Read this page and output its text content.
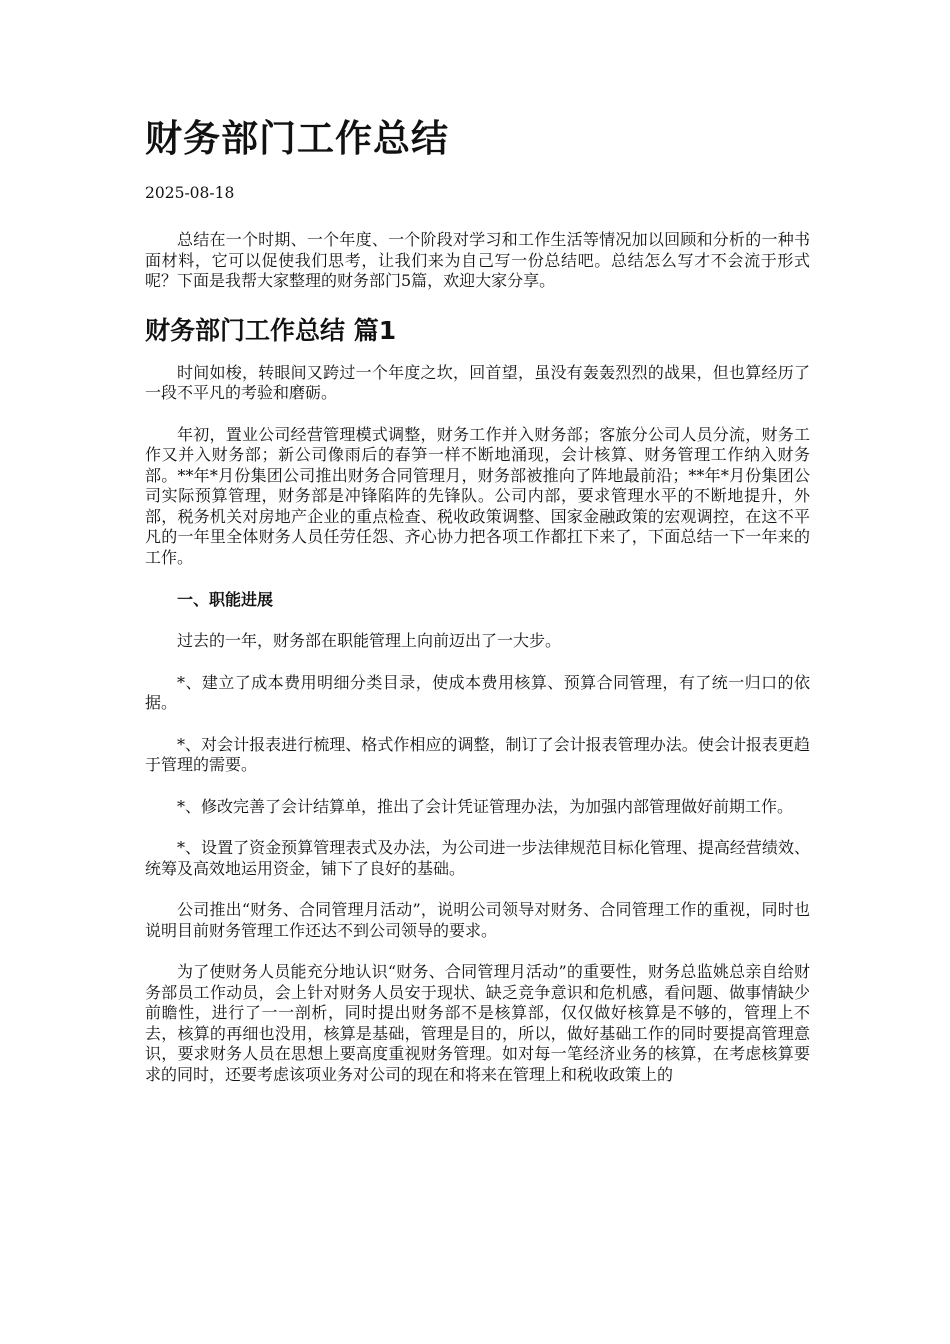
财务部门工作总结
2025-08-18

总结在一个时期、一个年度、一个阶段对学习和工作生活等情况加以回顾和分析的一种书面材料，它可以促使我们思考，让我们来为自己写一份总结吧。总结怎么写才不会流于形式呢？下面是我帮大家整理的财务部门5篇，欢迎大家分享。

财务部门工作总结 篇1

时间如梭，转眼间又跨过一个年度之坎，回首望，虽没有轰轰烈烈的战果，但也算经历了一段不平凡的考验和磨砺。

年初，置业公司经营管理模式调整，财务工作并入财务部；客旅分公司人员分流，财务工作又并入财务部；新公司像雨后的春笋一样不断地涌现，会计核算、财务管理工作纳入财务部。**年*月份集团公司推出财务合同管理月，财务部被推向了阵地最前沿；**年*月份集团公司实际预算管理，财务部是冲锋陷阵的先锋队。公司内部，要求管理水平的不断地提升，外部，税务机关对房地产企业的重点检查、税收政策调整、国家金融政策的宏观调控，在这不平凡的一年里全体财务人员任劳任怨、齐心协力把各项工作都扛下来了，下面总结一下一年来的工作。

一、职能进展

过去的一年，财务部在职能管理上向前迈出了一大步。

*、建立了成本费用明细分类目录，使成本费用核算、预算合同管理，有了统一归口的依据。

*、对会计报表进行梳理、格式作相应的调整，制订了会计报表管理办法。使会计报表更趋于管理的需要。

*、修改完善了会计结算单，推出了会计凭证管理办法，为加强内部管理做好前期工作。

*、设置了资金预算管理表式及办法，为公司进一步法律规范目标化管理、提高经营绩效、统筹及高效地运用资金，铺下了良好的基础。

公司推出“财务、合同管理月活动”，说明公司领导对财务、合同管理工作的重视，同时也说明目前财务管理工作还达不到公司领导的要求。

为了使财务人员能充分地认识“财务、合同管理月活动”的重要性，财务总监姚总亲自给财务部员工作动员，会上针对财务人员安于现状、缺乏竞争意识和危机感，看问题、做事情缺少前瞻性，进行了一一剖析，同时提出财务部不是核算部，仅仅做好核算是不够的，管理上不去，核算的再细也没用，核算是基础，管理是目的，所以，做好基础工作的同时要提高管理意识，要求财务人员在思想上要高度重视财务管理。如对每一笔经济业务的核算，在考虑核算要求的同时，还要考虑该项业务对公司的现在和将来在管理上和税收政策上的
